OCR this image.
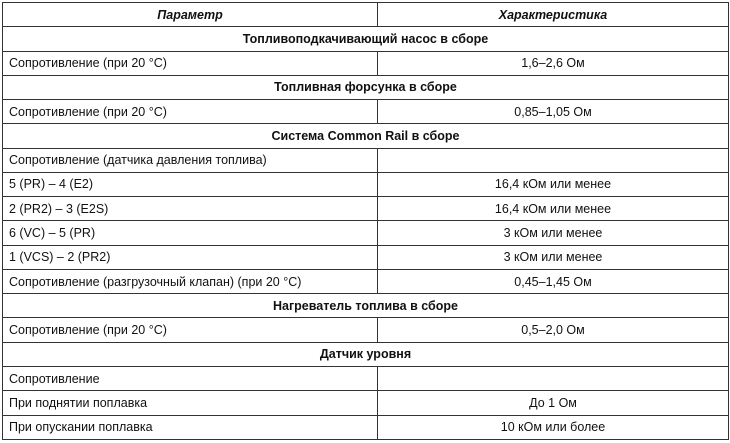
Параметр	Характеристика
Топливоподкачивающий насос в сборе	
Сопротивление (при 20 °С)	1,6–2,6 Ом
Топливная форсунка в сборе	
Сопротивление (при 20 °С)	0,85–1,05 Ом
Система Common Rail в сборе	
Сопротивление (датчика давления топлива)	
5 (PR) – 4 (E2)	16,4 кОм или менее
2 (PR2) – 3 (E2S)	16,4 кОм или менее
6 (VC) – 5 (PR)	3 кОм или менее
1 (VCS) – 2 (PR2)	3 кОм или менее
Сопротивление (разгрузочный клапан) (при 20 °С)	0,45–1,45 Ом
Нагреватель топлива в сборе	
Сопротивление (при 20 °С)	0,5–2,0 Ом
Датчик уровня	
Сопротивление	
При поднятии поплавка	До 1 Ом
При опускании поплавка	10 кОм или более
